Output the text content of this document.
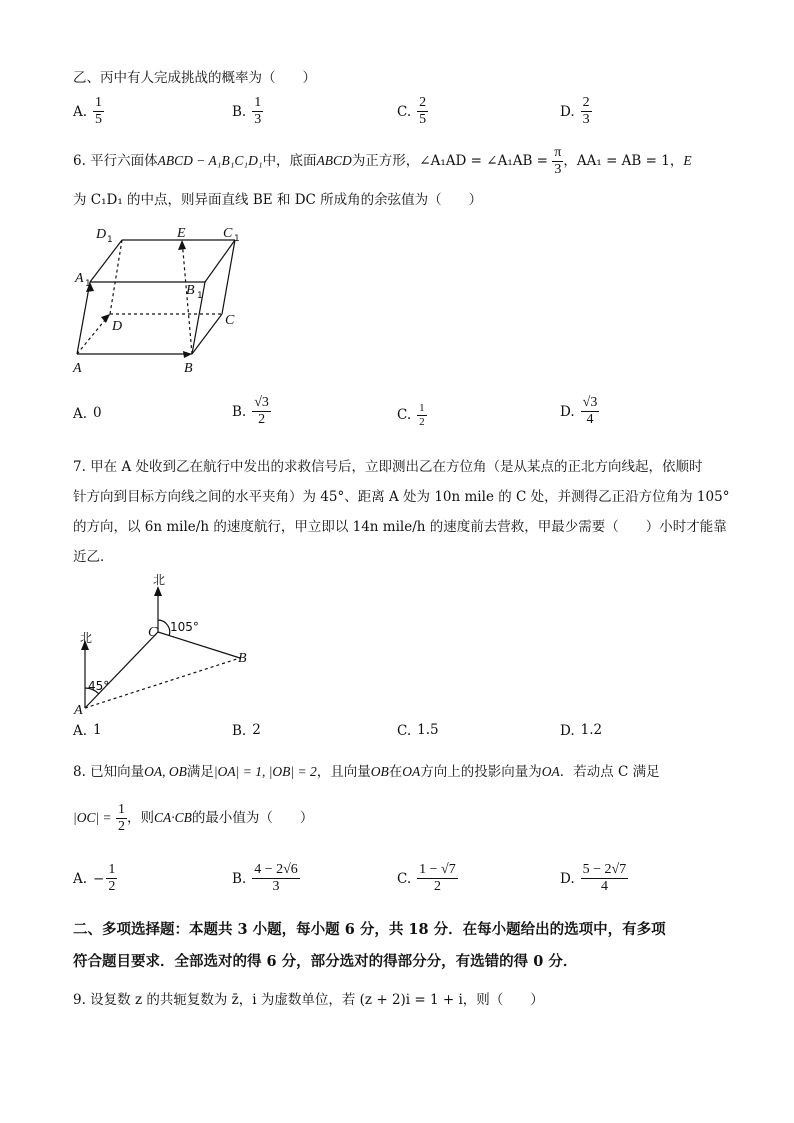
乙、丙中有人完成挑战的概率为（　　）
A. $\frac{1}{5}$	B. $\frac{1}{3}$	C. $\frac{2}{5}$	D. $\frac{2}{3}$
6. 平行六面体ABCD − A₁B₁C₁D₁中，底面ABCD为正方形，∠A₁AD = ∠A₁AB = $\frac{\pi}{3}$ ，AA₁ = AB = 1，E
为 C₁D₁ 的中点，则异面直线 BE 和 DC 所成角的余弦值为（　　）
D 1	E	C 1
A 1	B 1
D	C
A	B
A. 0	B. $\frac{√3}{2}$	C. $\frac{1}{2}$	D. $\frac{√3}{4}$
7. 甲在 A 处收到乙在航行中发出的求救信号后，立即测出乙在方位角（是从某点的正北方向线起，依顺时
针方向到目标方向线之间的水平夹角）为 45°、距离 A 处为 10n mile 的 C 处，并测得乙正沿方位角为 105°
的方向，以 6n mile/h 的速度航行，甲立即以 14n mile/h 的速度前去营救，甲最少需要（　　）小时才能靠
近乙．
北
北
C 105°
B
45°
A
A. 1	B. 2	C. 1.5	D. 1.2
8. 已知向量OA, OB满足|OA| = 1, |OB| = 2，且向量OB在OA方向上的投影向量为OA．若动点 C 满足
$|OC| = \frac{1}{2}$ ，则CA·CB的最小值为（　　）
A. − $\frac{1}{2}$	B. $\frac{4 - 2√6}{3}$	C. $\frac{1 - √7}{2}$	D. $\frac{5 - 2√7}{4}$
二、多项选择题：本题共 3 小题，每小题 6 分，共 18 分．在每小题给出的选项中，有多项
符合题目要求．全部选对的得 6 分，部分选对的得部分分，有选错的得 0 分．
9. 设复数 z 的共轭复数为 z̄，i 为虚数单位，若 (z + 2)i = 1 + i，则（　　）
